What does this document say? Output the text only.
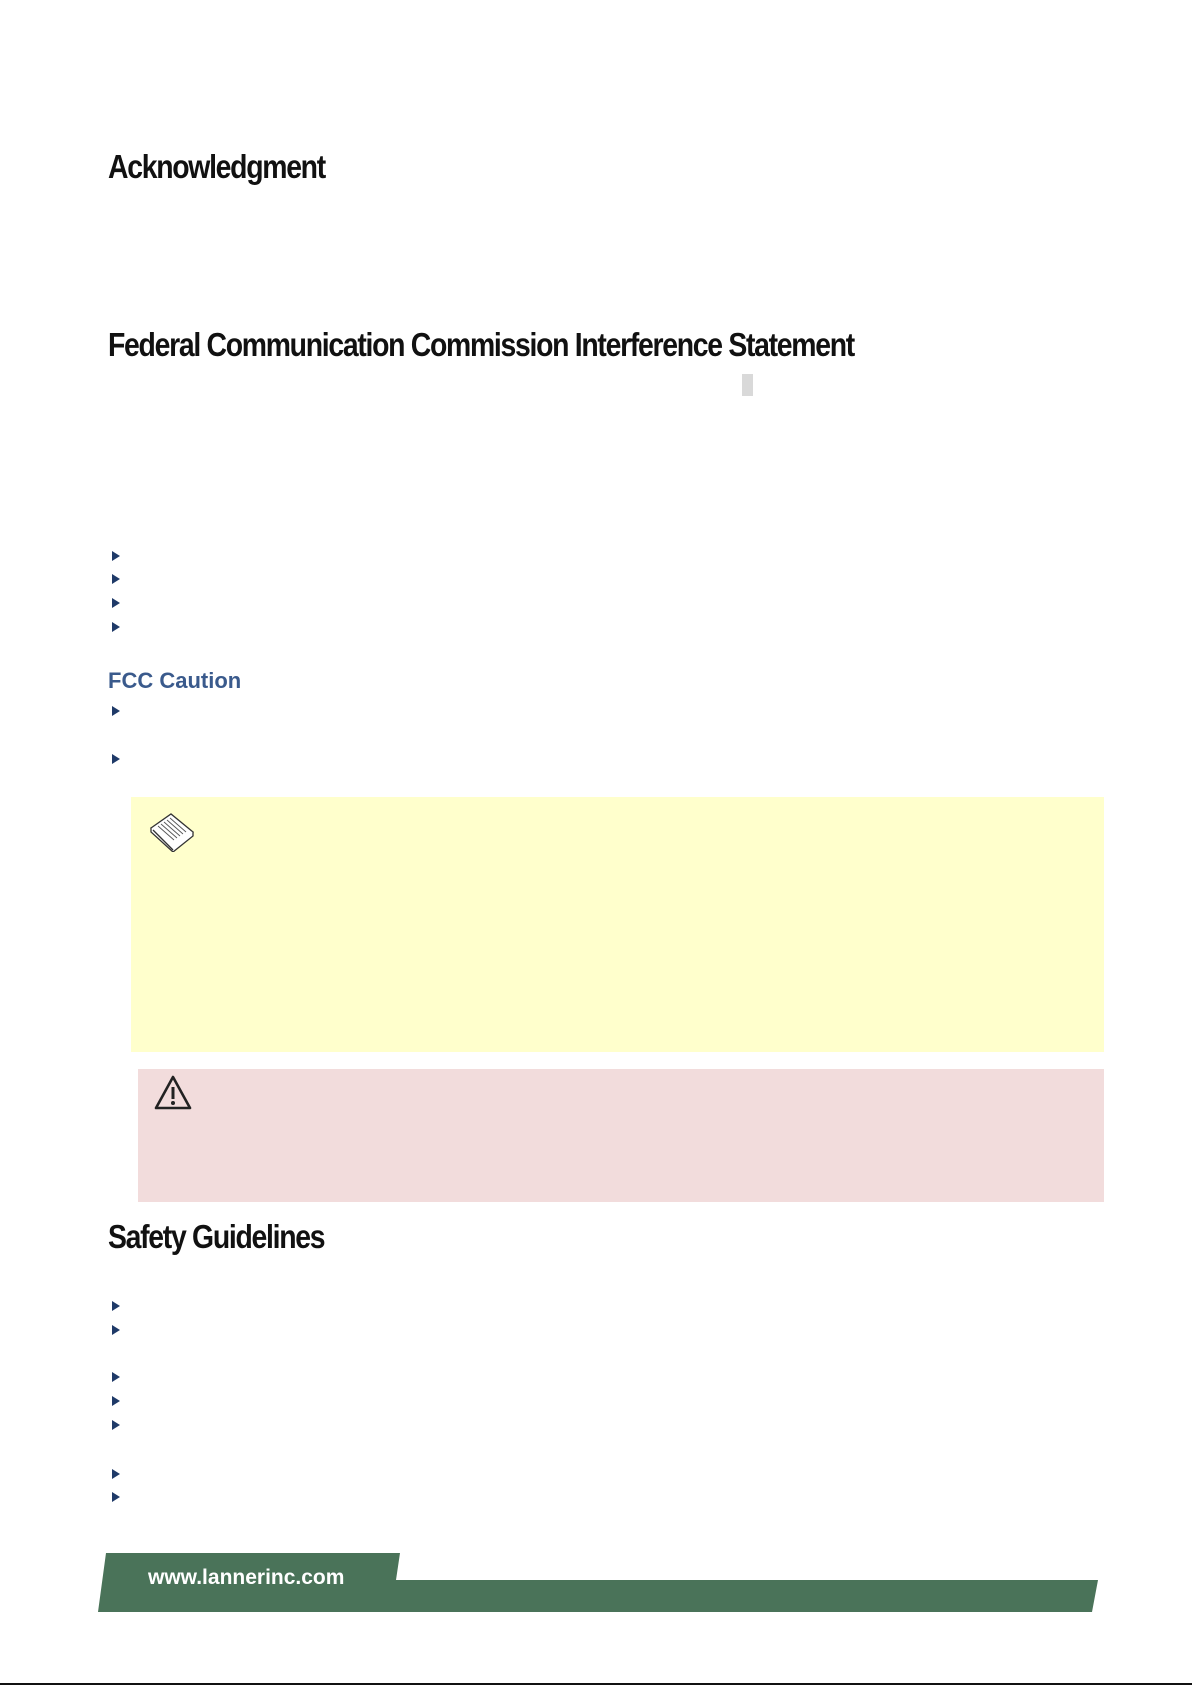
Acknowledgment
Federal Communication Commission Interference Statement
FCC Caution
Safety Guidelines

www.lannerinc.com
